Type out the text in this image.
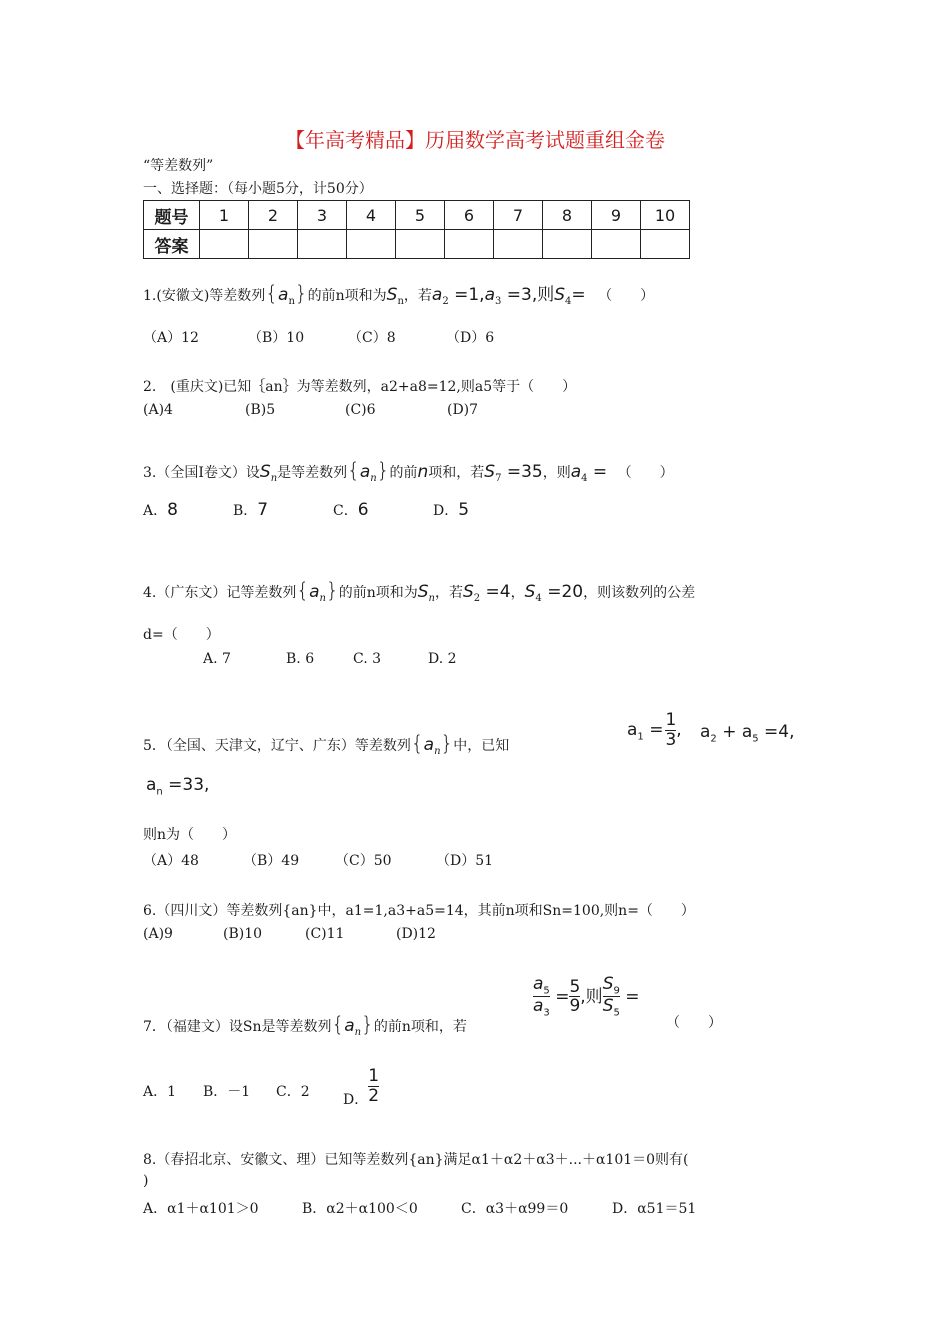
【年高考精品】历届数学高考试题重组金卷
“等差数列”
一、选择题：（每小题5分，计50分）
题号	1	2	3	4	5	6	7	8	9	10
答案										
1.(安徽文)等差数列$\{a_n\}$的前n项和为$S_n$，若$a_2 =1,a_3 =3$,则$S_4=$ （　　）
（A）12	（B）10	（C）8	（D）6
2.　(重庆文)已知｛an｝为等差数列，a2+a8=12,则a5等于（　　）
(A)4	(B)5	(C)6	(D)7
3.（全国Ⅰ卷文）设$S_n$是等差数列$\{a_n\}$的前n项和，若$S_7 =35$，则$a_4$ = （　　）
A．8	B．7	C．6	D．5
4.（广东文）记等差数列$\{a_n\}$的前n项和为$S_n$，若$S_2 =4$，$S_4 =20$，则该数列的公差
d=（　　）
A. 7	B. 6	C. 3	D. 2
5．（全国、天津文，辽宁、广东）等差数列$\{a_n\}$中，已知
$a_1 = \frac{1}{3}$ , $a_2 + a_5 =4$,
$a_n =33$,
则n为（　　）
（A）48	（B）49	（C）50	（D）51
6.（四川文）等差数列{an}中，a1=1,a3+a5=14，其前n项和Sn=100,则n=（　　）
(A)9	(B)10	(C)11	(D)12
7．（福建文）设Sn是等差数列$\{a_n\}$的前n项和，若
$\frac{a_5}{a_3} = \frac{5}{9}$ ,则 $\frac{S_9}{S_5}$ =
（　　）
A．1 B．－1 C．2
D． $\frac{1}{2}$
8.（春招北京、安徽文、理）已知等差数列{an}满足α1＋α2＋α3＋...＋α101＝0则有(
)
A．α1＋α101＞0	B．α2＋α100＜0	C．α3＋α99＝0	D．α51＝51
